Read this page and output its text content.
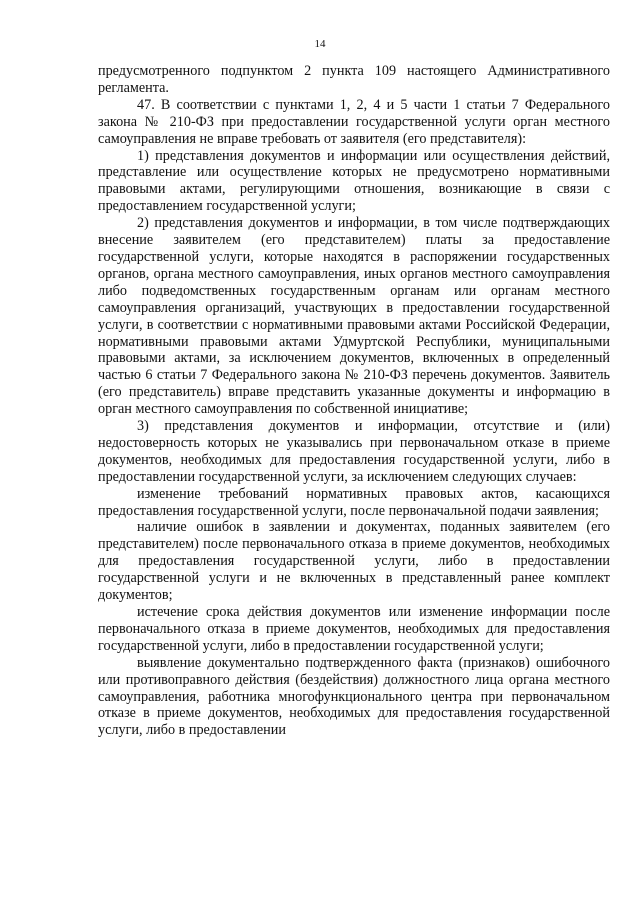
14

предусмотренного подпунктом 2 пункта 109 настоящего Административного регламента.

47. В соответствии с пунктами 1, 2, 4 и 5 части 1 статьи 7 Федерального закона № 210-ФЗ при предоставлении государственной услуги орган местного самоуправления не вправе требовать от заявителя (его представителя):

1) представления документов и информации или осуществления действий, представление или осуществление которых не предусмотрено нормативными правовыми актами, регулирующими отношения, возникающие в связи с предоставлением государственной услуги;

2) представления документов и информации, в том числе подтверждающих внесение заявителем (его представителем) платы за предоставление государственной услуги, которые находятся в распоряжении государственных органов, органа местного самоуправления, иных органов местного самоуправления либо подведомственных государственным органам или органам местного самоуправления организаций, участвующих в предоставлении государственной услуги, в соответствии с нормативными правовыми актами Российской Федерации, нормативными правовыми актами Удмуртской Республики, муниципальными правовыми актами, за исключением документов, включенных в определенный частью 6 статьи 7 Федерального закона № 210-ФЗ перечень документов. Заявитель (его представитель) вправе представить указанные документы и информацию в орган местного самоуправления по собственной инициативе;

3) представления документов и информации, отсутствие и (или) недостоверность которых не указывались при первоначальном отказе в приеме документов, необходимых для предоставления государственной услуги, либо в предоставлении государственной услуги, за исключением следующих случаев:

изменение требований нормативных правовых актов, касающихся предоставления государственной услуги, после первоначальной подачи заявления;

наличие ошибок в заявлении и документах, поданных заявителем (его представителем) после первоначального отказа в приеме документов, необходимых для предоставления государственной услуги, либо в предоставлении государственной услуги и не включенных в представленный ранее комплект документов;

истечение срока действия документов или изменение информации после первоначального отказа в приеме документов, необходимых для предоставления государственной услуги, либо в предоставлении государственной услуги;

выявление документально подтвержденного факта (признаков) ошибочного или противоправного действия (бездействия) должностного лица органа местного самоуправления, работника многофункционального центра при первоначальном отказе в приеме документов, необходимых для предоставления государственной услуги, либо в предоставлении
